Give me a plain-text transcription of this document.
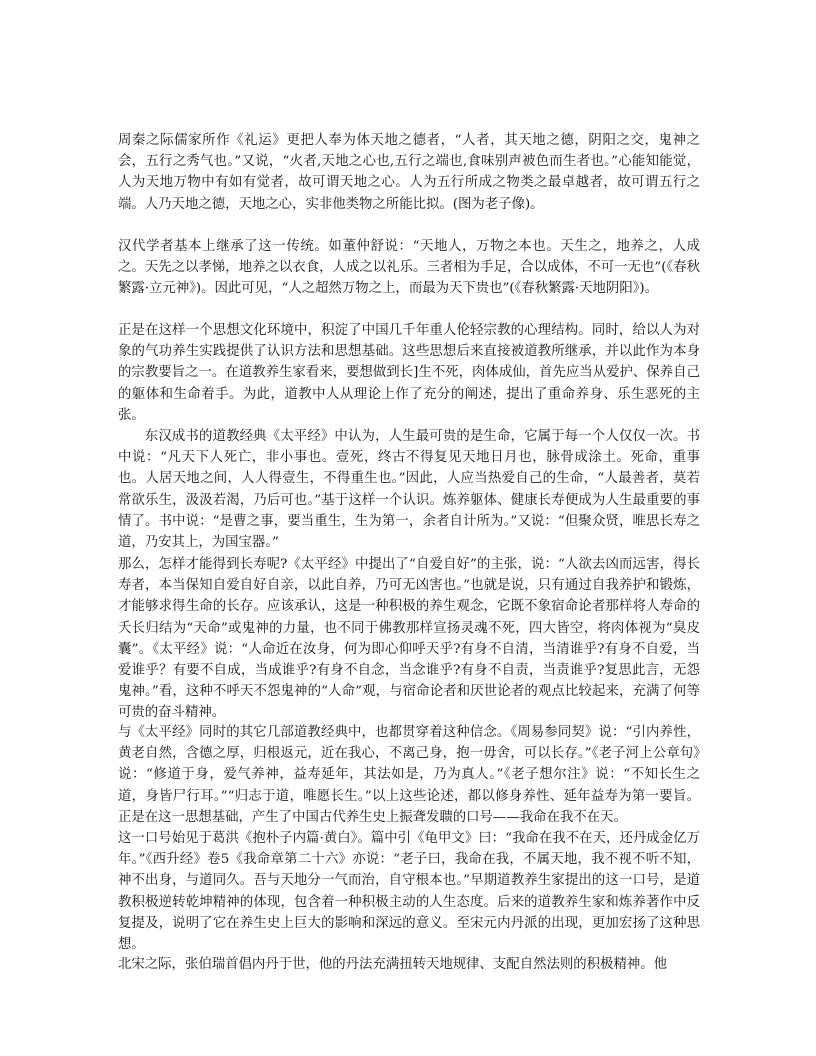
周秦之际儒家所作《礼运》更把人奉为体天地之德者，“人者，其天地之德，阴阳之交，鬼神之会，五行之秀气也。”又说，“火者,天地之心也,五行之端也,食味别声被色而生者也。”心能知能觉，人为天地万物中有如有觉者，故可谓天地之心。人为五行所成之物类之最卓越者，故可谓五行之端。人乃天地之德，天地之心，实非他类物之所能比拟。(图为老子像)。

汉代学者基本上继承了这一传统。如董仲舒说：“天地人，万物之本也。天生之，地养之，人成之。天先之以孝悌，地养之以衣食，人成之以礼乐。三者相为手足，合以成体，不可一无也”(《春秋繁露·立元神》)。因此可见，“人之超然万物之上，而最为天下贵也”(《春秋繁露·天地阴阳》)。

正是在这样一个思想文化环境中，积淀了中国几千年重人伦轻宗教的心理结构。同时，给以人为对象的气功养生实践提供了认识方法和思想基础。这些思想后来直接被道教所继承，并以此作为本身的宗教要旨之一。在道教养生家看来，要想做到长]生不死，肉体成仙，首先应当从爱护、保养自己的躯体和生命着手。为此，道教中人从理论上作了充分的阐述，提出了重命养身、乐生恶死的主张。

东汉成书的道教经典《太平经》中认为，人生最可贵的是生命，它属于每一个人仅仅一次。书中说：“凡天下人死亡，非小事也。壹死，终古不得复见天地日月也，脉骨成涂土。死命，重事也。人居天地之间，人人得壹生，不得重生也。”因此，人应当热爱自己的生命，“人最善者，莫若常欲乐生，汲汲若渴，乃后可也。”基于这样一个认识。炼养躯体、健康长寿便成为人生最重要的事情了。书中说：“是曹之事，要当重生，生为第一，余者自计所为。”又说：“但聚众贤，唯思长寿之道，乃安其上，为国宝器。”

那么，怎样才能得到长寿呢?《太平经》中提出了“自爱自好”的主张，说：“人欲去凶而远害，得长寿者，本当保知自爱自好自亲，以此自养，乃可无凶害也。”也就是说，只有通过自我养护和锻炼，才能够求得生命的长存。应该承认，这是一种积极的养生观念，它既不象宿命论者那样将人寿命的夭长归结为“天命”或鬼神的力量，也不同于佛教那样宣扬灵魂不死，四大皆空，将肉体视为“臭皮囊”。《太平经》说：“人命近在汝身，何为即心仰呼天乎?有身不自清，当清谁乎?有身不自爱，当爱谁乎？有要不自成，当成谁乎?有身不自念，当念谁乎?有身不自责，当责谁乎?复思此言，无怨鬼神。”看，这种不呼天不怨鬼神的“人命”观，与宿命论者和厌世论者的观点比较起来，充满了何等可贵的奋斗精神。

与《太平经》同时的其它几部道教经典中，也都贯穿着这种信念。《周易参同契》说：“引内养性，黄老自然，含德之厚，归根返元，近在我心，不离己身，抱一毋舍，可以长存。”《老子河上公章句》说：“修道于身，爱气养神，益寿延年，其法如是，乃为真人。”《老子想尔注》说：“不知长生之道，身皆尸行耳。”“归志于道，唯愿长生。”以上这些论述，都以修身养性、延年益寿为第一要旨。正是在这一思想基础，产生了中国古代养生史上振聋发聩的口号——我命在我不在天。

这一口号始见于葛洪《抱朴子内篇·黄白》。篇中引《龟甲文》曰：“我命在我不在天，还丹成金亿万年。”《西升经》卷5《我命章第二十六》亦说：“老子曰，我命在我，不属天地，我不视不听不知，神不出身，与道同久。吾与天地分一气而治，自守根本也。”早期道教养生家提出的这一口号，是道教积极逆转乾坤精神的体现，包含着一种积极主动的人生态度。后来的道教养生家和炼养著作中反复提及，说明了它在养生史上巨大的影响和深远的意义。至宋元内丹派的出现，更加宏扬了这种思想。

北宋之际，张伯瑞首倡内丹于世，他的丹法充满扭转天地规律、支配自然法则的积极精神。他
